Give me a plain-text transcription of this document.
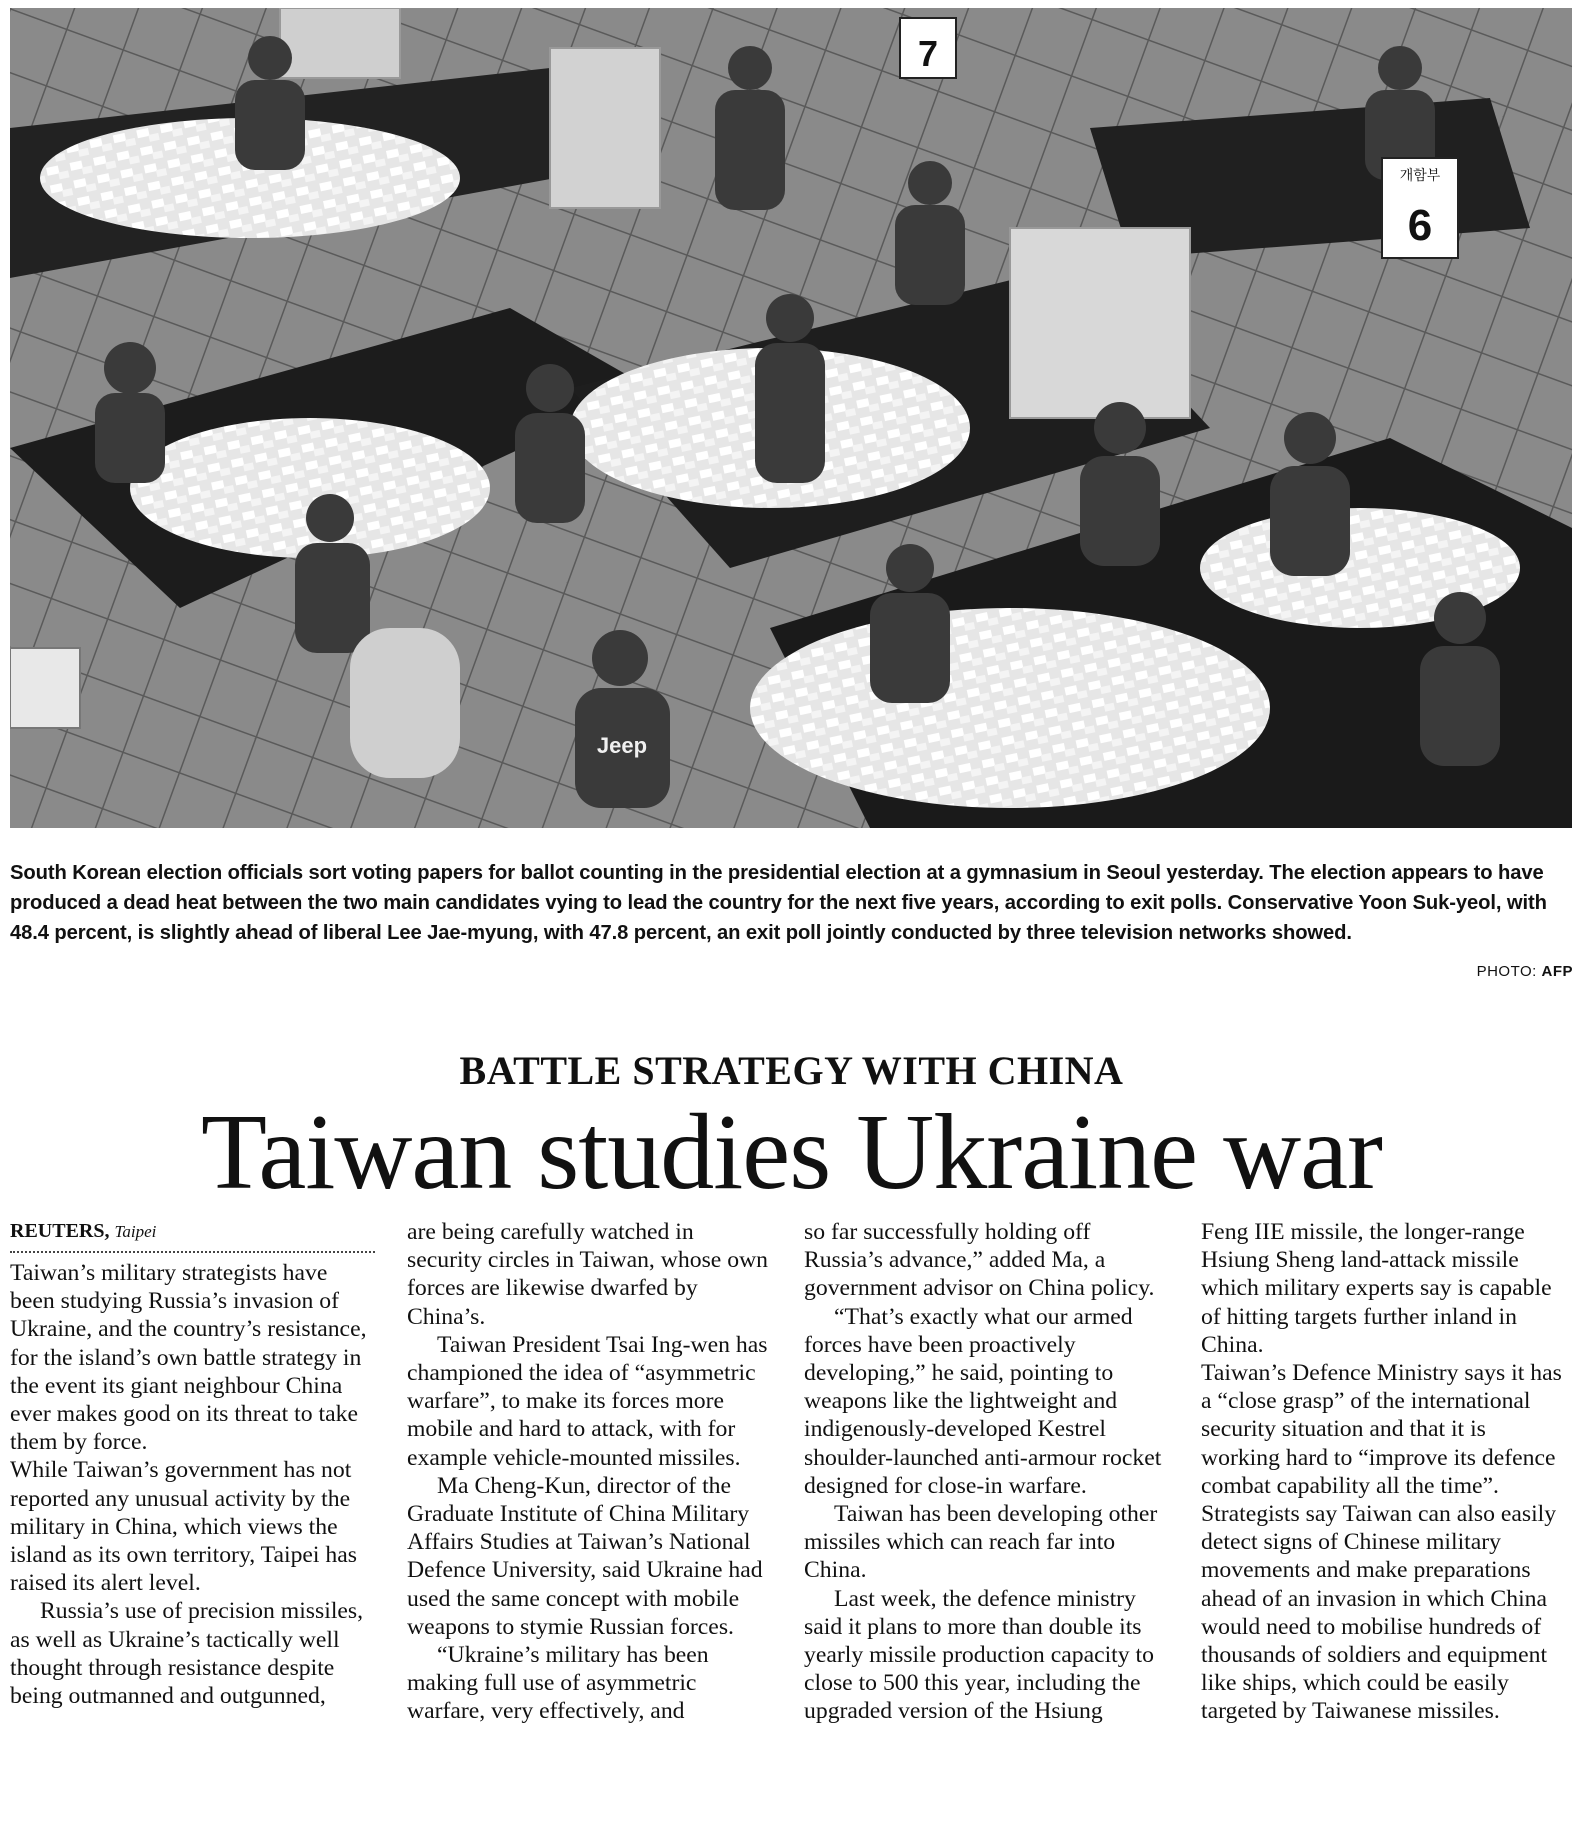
7
개함부
6
Jeep

South Korean election officials sort voting papers for ballot counting in the presidential election at a gymnasium in Seoul yesterday. The election appears to have produced a dead heat between the two main candidates vying to lead the country for the next five years, according to exit polls. Conservative Yoon Suk-yeol, with 48.4 percent, is slightly ahead of liberal Lee Jae-myung, with 47.8 percent, an exit poll jointly conducted by three television networks showed.

PHOTO: AFP
BATTLE STRATEGY WITH CHINA
Taiwan studies Ukraine war
REUTERS, Taipei

Taiwan’s military strategists have been studying Russia’s invasion of Ukraine, and the country’s resistance, for the island’s own battle strategy in the event its giant neighbour China ever makes good on its threat to take them by force.

While Taiwan’s government has not reported any unusual activity by the military in China, which views the island as its own territory, Taipei has raised its alert level.

Russia’s use of precision missiles, as well as Ukraine’s tactically well thought through resistance despite being outmanned and outgunned,

are being carefully watched in security circles in Taiwan, whose own forces are likewise dwarfed by China’s.

Taiwan President Tsai Ing-wen has championed the idea of “asymmetric warfare”, to make its forces more mobile and hard to attack, with for example vehicle-mounted missiles.

Ma Cheng-Kun, director of the Graduate Institute of China Military Affairs Studies at Taiwan’s National Defence University, said Ukraine had used the same concept with mobile weapons to stymie Russian forces.

“Ukraine’s military has been making full use of asymmetric warfare, very effectively, and

so far successfully holding off Russia’s advance,” added Ma, a government advisor on China policy.

“That’s exactly what our armed forces have been proactively developing,” he said, pointing to weapons like the lightweight and indigenously-developed Kestrel shoulder-launched anti-armour rocket designed for close-in warfare.

Taiwan has been developing other missiles which can reach far into China.

Last week, the defence ministry said it plans to more than double its yearly missile production capacity to close to 500 this year, including the upgraded version of the Hsiung

Feng IIE missile, the longer-range Hsiung Sheng land-attack missile which military experts say is capable of hitting targets further inland in China.

Taiwan’s Defence Ministry says it has a “close grasp” of the international security situation and that it is working hard to “improve its defence combat capability all the time”.

Strategists say Taiwan can also easily detect signs of Chinese military movements and make preparations ahead of an invasion in which China would need to mobilise hundreds of thousands of soldiers and equipment like ships, which could be easily targeted by Taiwanese missiles.
